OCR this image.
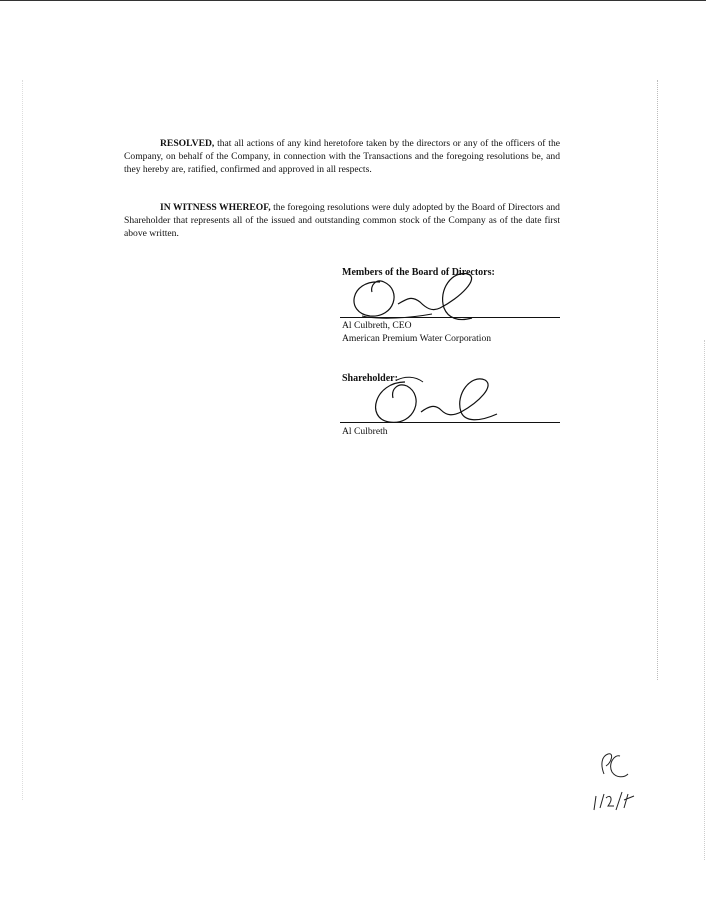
RESOLVED, that all actions of any kind heretofore taken by the directors or any of the officers of the Company, on behalf of the Company, in connection with the Transactions and the foregoing resolutions be, and they hereby are, ratified, confirmed and approved in all respects.

IN WITNESS WHEREOF, the foregoing resolutions were duly adopted by the Board of Directors and Shareholder that represents all of the issued and outstanding common stock of the Company as of the date first above written.

Members of the Board of Directors:
Al Culbreth, CEO
American Premium Water Corporation
Shareholder:
Al Culbreth
